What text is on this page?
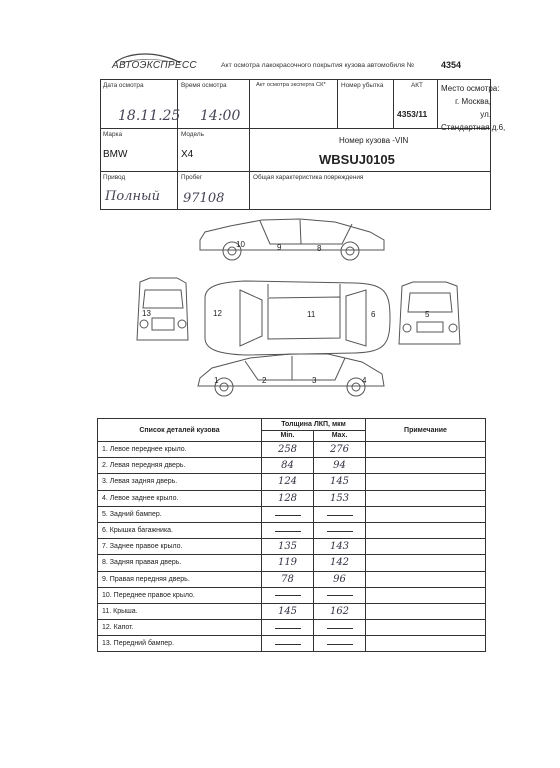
АВТОЭКСПРЕСС	Акт осмотра лакокрасочного покрытия кузова автомобиля №	4354
Дата осмотра
18.11.25
Время осмотра
14:00
Акт осмотра эксперта СК* Номер убытка	АКТ
4353/11
Место осмотра:
г. Москва,
ул.
Стандартная д.6,
Марка
BMW
Модель
X4
Номер кузова -VIN
WBSUJ0105
Привод
Полный
Пробег
97108
Общая характеристика повреждения
10	9	8
13	12	11	6	5
1	2	3	4
Список деталей кузова	Толщина ЛКП, мкм		Примечание
	Min.	Max.	
1. Левое переднее крыло.	258	276	
2. Левая передняя дверь.	84	94	
3. Левая задняя дверь.	124	145	
4. Левое заднее крыло.	128	153	
5. Задний бампер.			
6. Крышка багажника.			
7. Заднее правое крыло.	135	143	
8. Задняя правая дверь.	119	142	
9. Правая передняя дверь.	78	96	
10. Переднее правое крыло.			
11. Крыша.	145	162	
12. Капот.			
13. Передний бампер.			
